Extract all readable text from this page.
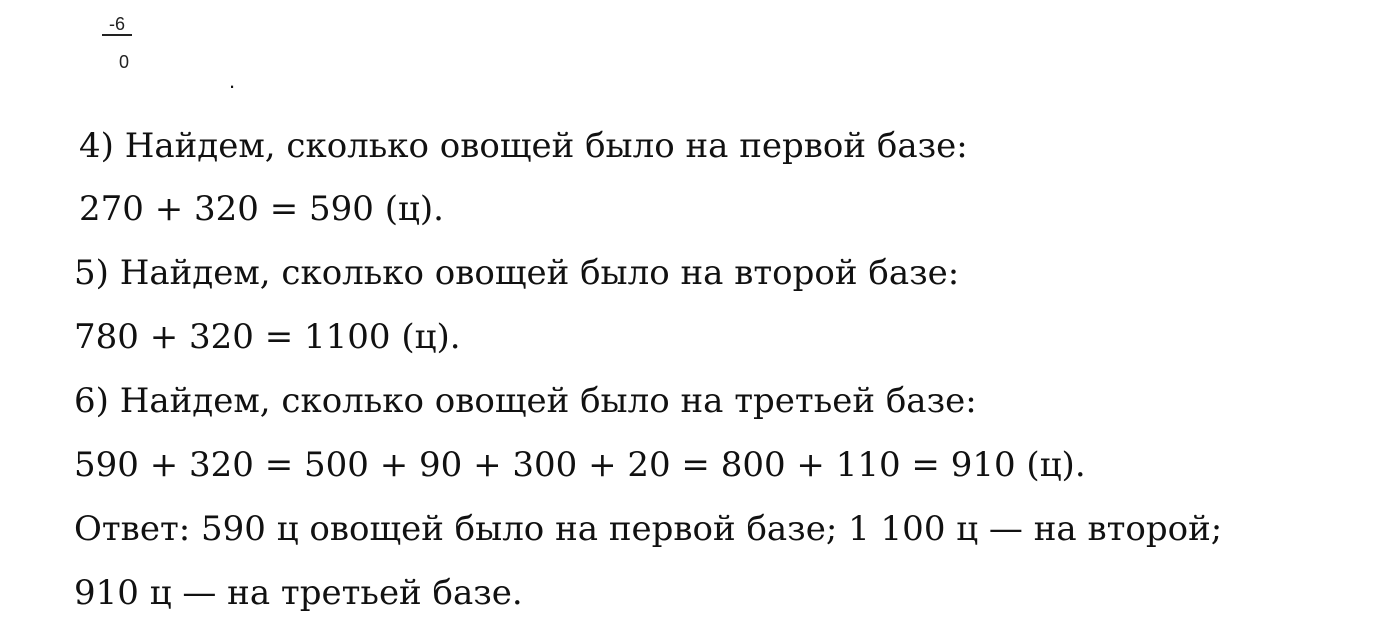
-6
0
.
4) Найдем, сколько овощей было на первой базе:
270 + 320 = 590 (ц).
5) Найдем, сколько овощей было на второй базе:
780 + 320 = 1100 (ц).
6) Найдем, сколько овощей было на третьей базе:
590 + 320 = 500 + 90 + 300 + 20 = 800 + 110 = 910 (ц).
Ответ: 590 ц овощей было на первой базе; 1 100 ц — на второй;
910 ц — на третьей базе.
